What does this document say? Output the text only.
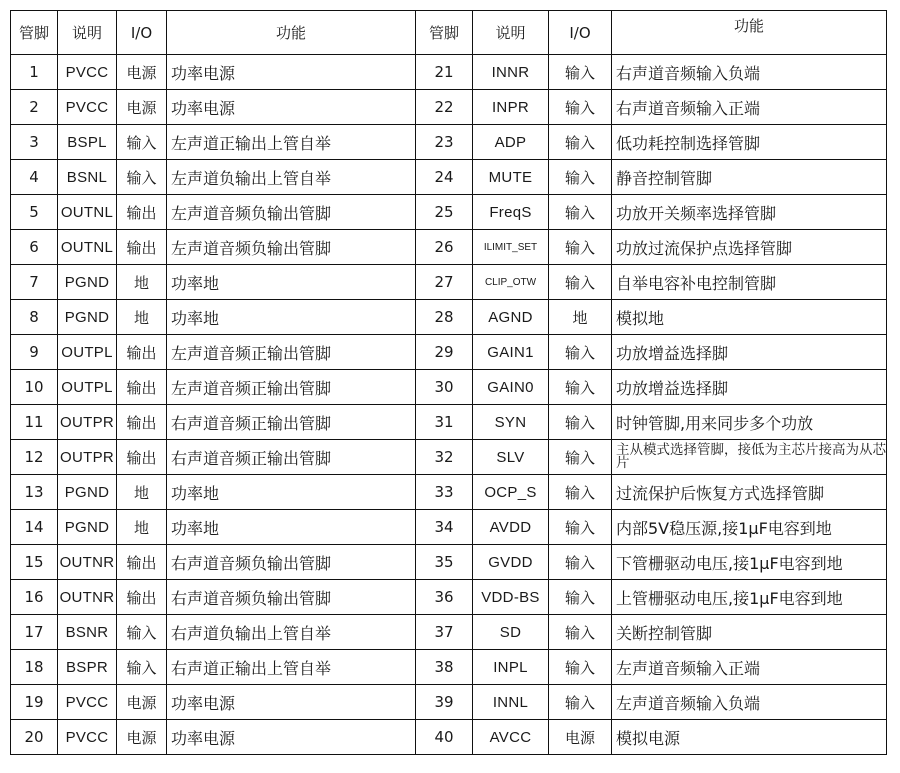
管脚	说明	I/O	功能	管脚	说明	I/O	功能
1	PVCC	电源	功率电源	21	INNR	输入	右声道音频输入负端
2	PVCC	电源	功率电源	22	INPR	输入	右声道音频输入正端
3	BSPL	输入	左声道正输出上管自举	23	ADP	输入	低功耗控制选择管脚
4	BSNL	输入	左声道负输出上管自举	24	MUTE	输入	静音控制管脚
5	OUTNL	输出	左声道音频负输出管脚	25	FreqS	输入	功放开关频率选择管脚
6	OUTNL	输出	左声道音频负输出管脚	26	ILIMIT_SET	输入	功放过流保护点选择管脚
7	PGND	地	功率地	27	CLIP_OTW	输入	自举电容补电控制管脚
8	PGND	地	功率地	28	AGND	地	模拟地
9	OUTPL	输出	左声道音频正输出管脚	29	GAIN1	输入	功放增益选择脚
10	OUTPL	输出	左声道音频正输出管脚	30	GAIN0	输入	功放增益选择脚
11	OUTPR	输出	右声道音频正输出管脚	31	SYN	输入	时钟管脚,用来同步多个功放
12	OUTPR	输出	右声道音频正输出管脚	32	SLV	输入	主从模式选择管脚，接低为主芯片接高为从芯片
13	PGND	地	功率地	33	OCP_S	输入	过流保护后恢复方式选择管脚
14	PGND	地	功率地	34	AVDD	输入	内部5V稳压源,接1μF电容到地
15	OUTNR	输出	右声道音频负输出管脚	35	GVDD	输入	下管栅驱动电压,接1μF电容到地
16	OUTNR	输出	右声道音频负输出管脚	36	VDD-BS	输入	上管栅驱动电压,接1μF电容到地
17	BSNR	输入	右声道负输出上管自举	37	SD	输入	关断控制管脚
18	BSPR	输入	右声道正输出上管自举	38	INPL	输入	左声道音频输入正端
19	PVCC	电源	功率电源	39	INNL	输入	左声道音频输入负端
20	PVCC	电源	功率电源	40	AVCC	电源	模拟电源
